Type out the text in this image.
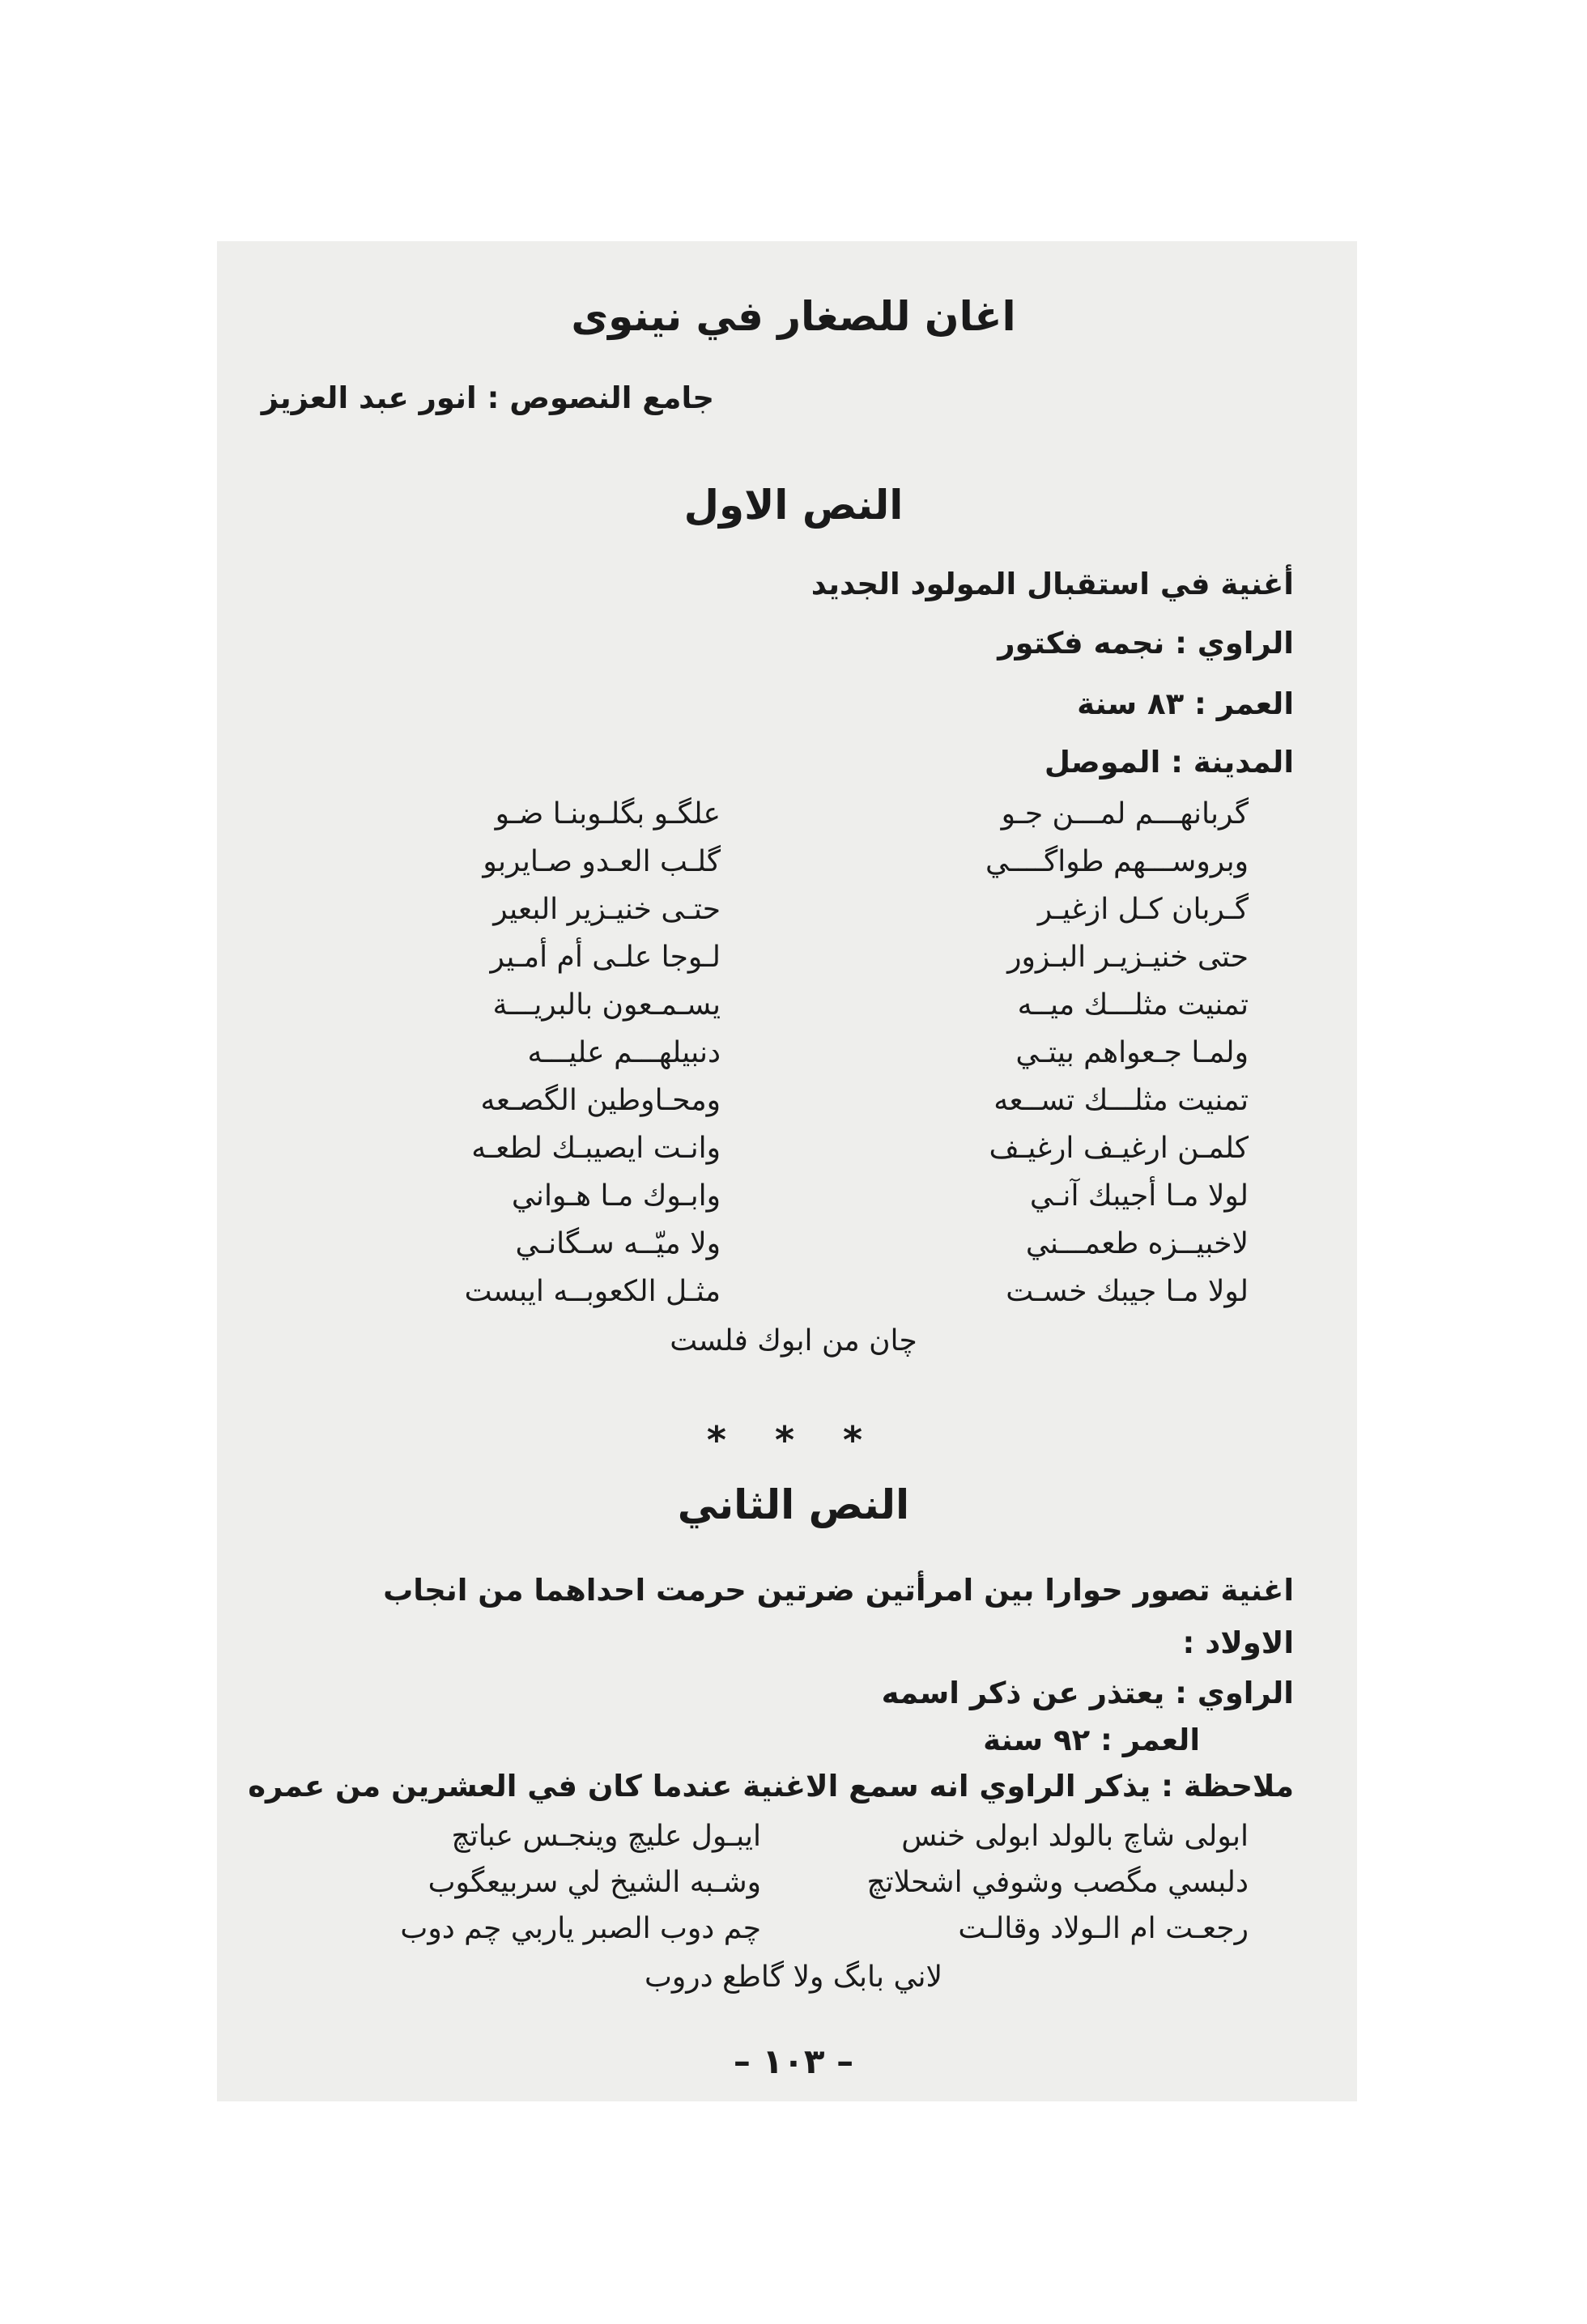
اغان للصغار في نينوى
جامع النصوص : انور عبد العزيز
النص الاول
أغنية في استقبال المولود الجديد
الراوي : نجمه فكتور
العمر : ٨٣ سنة
المدينة : الموصل
گربانهـــم لمـــن جـو
علگـو بگلـوبنـا ضـو
وبروســـهم طواگــــي
گلـب العـدو صـايربو
گـربان كـل ازغيـر
حتـى خنيـزير البعير
حتى خنيـزيـر البـزور
لـوجا علـى أم أمـير
تمنيت مثلـــك ميــه
يسـمـعون بالبريـــة
ولمـا جـعواهم بيتـي
دنبيلهـــم عليـــه
تمنيت مثلـــك تســعه
ومحـاوطين الگصـعه
كلمـن ارغيـف ارغيـف
وانـت ايصيبـك لطعـه
لولا مـا أجيبك آنـي
وابـوك مـا هـواني
لاخبيــزه طعمـــني
ولا ميّــه سـگانـي
لولا مـا جيبك خسـت
مثـل الكعوبــه ايبست
چان من ابوك فلست
* * *
النص الثاني
اغنية تصور حوارا بين امرأتين ضرتين حرمت احداهما من انجاب
الاولاد :
الراوي : يعتذر عن ذكر اسمه
العمر : ٩٢ سنة
ملاحظة : يذكر الراوي انه سمع الاغنية عندما كان في العشرين من عمره
ابولى شاچ بالولد ابولى خنس
ايبـول عليچ وينجـس عباتچ
دلبسي مگصب وشوفي اشحلاتچ
وشـبه الشيخ لي سربيعگوب
رجعـت ام الـولاد وقالـت
چم دوب الصبر ياربي چم دوب
لاني بابگ ولا گاطع دروب
– ١٠٣ –
